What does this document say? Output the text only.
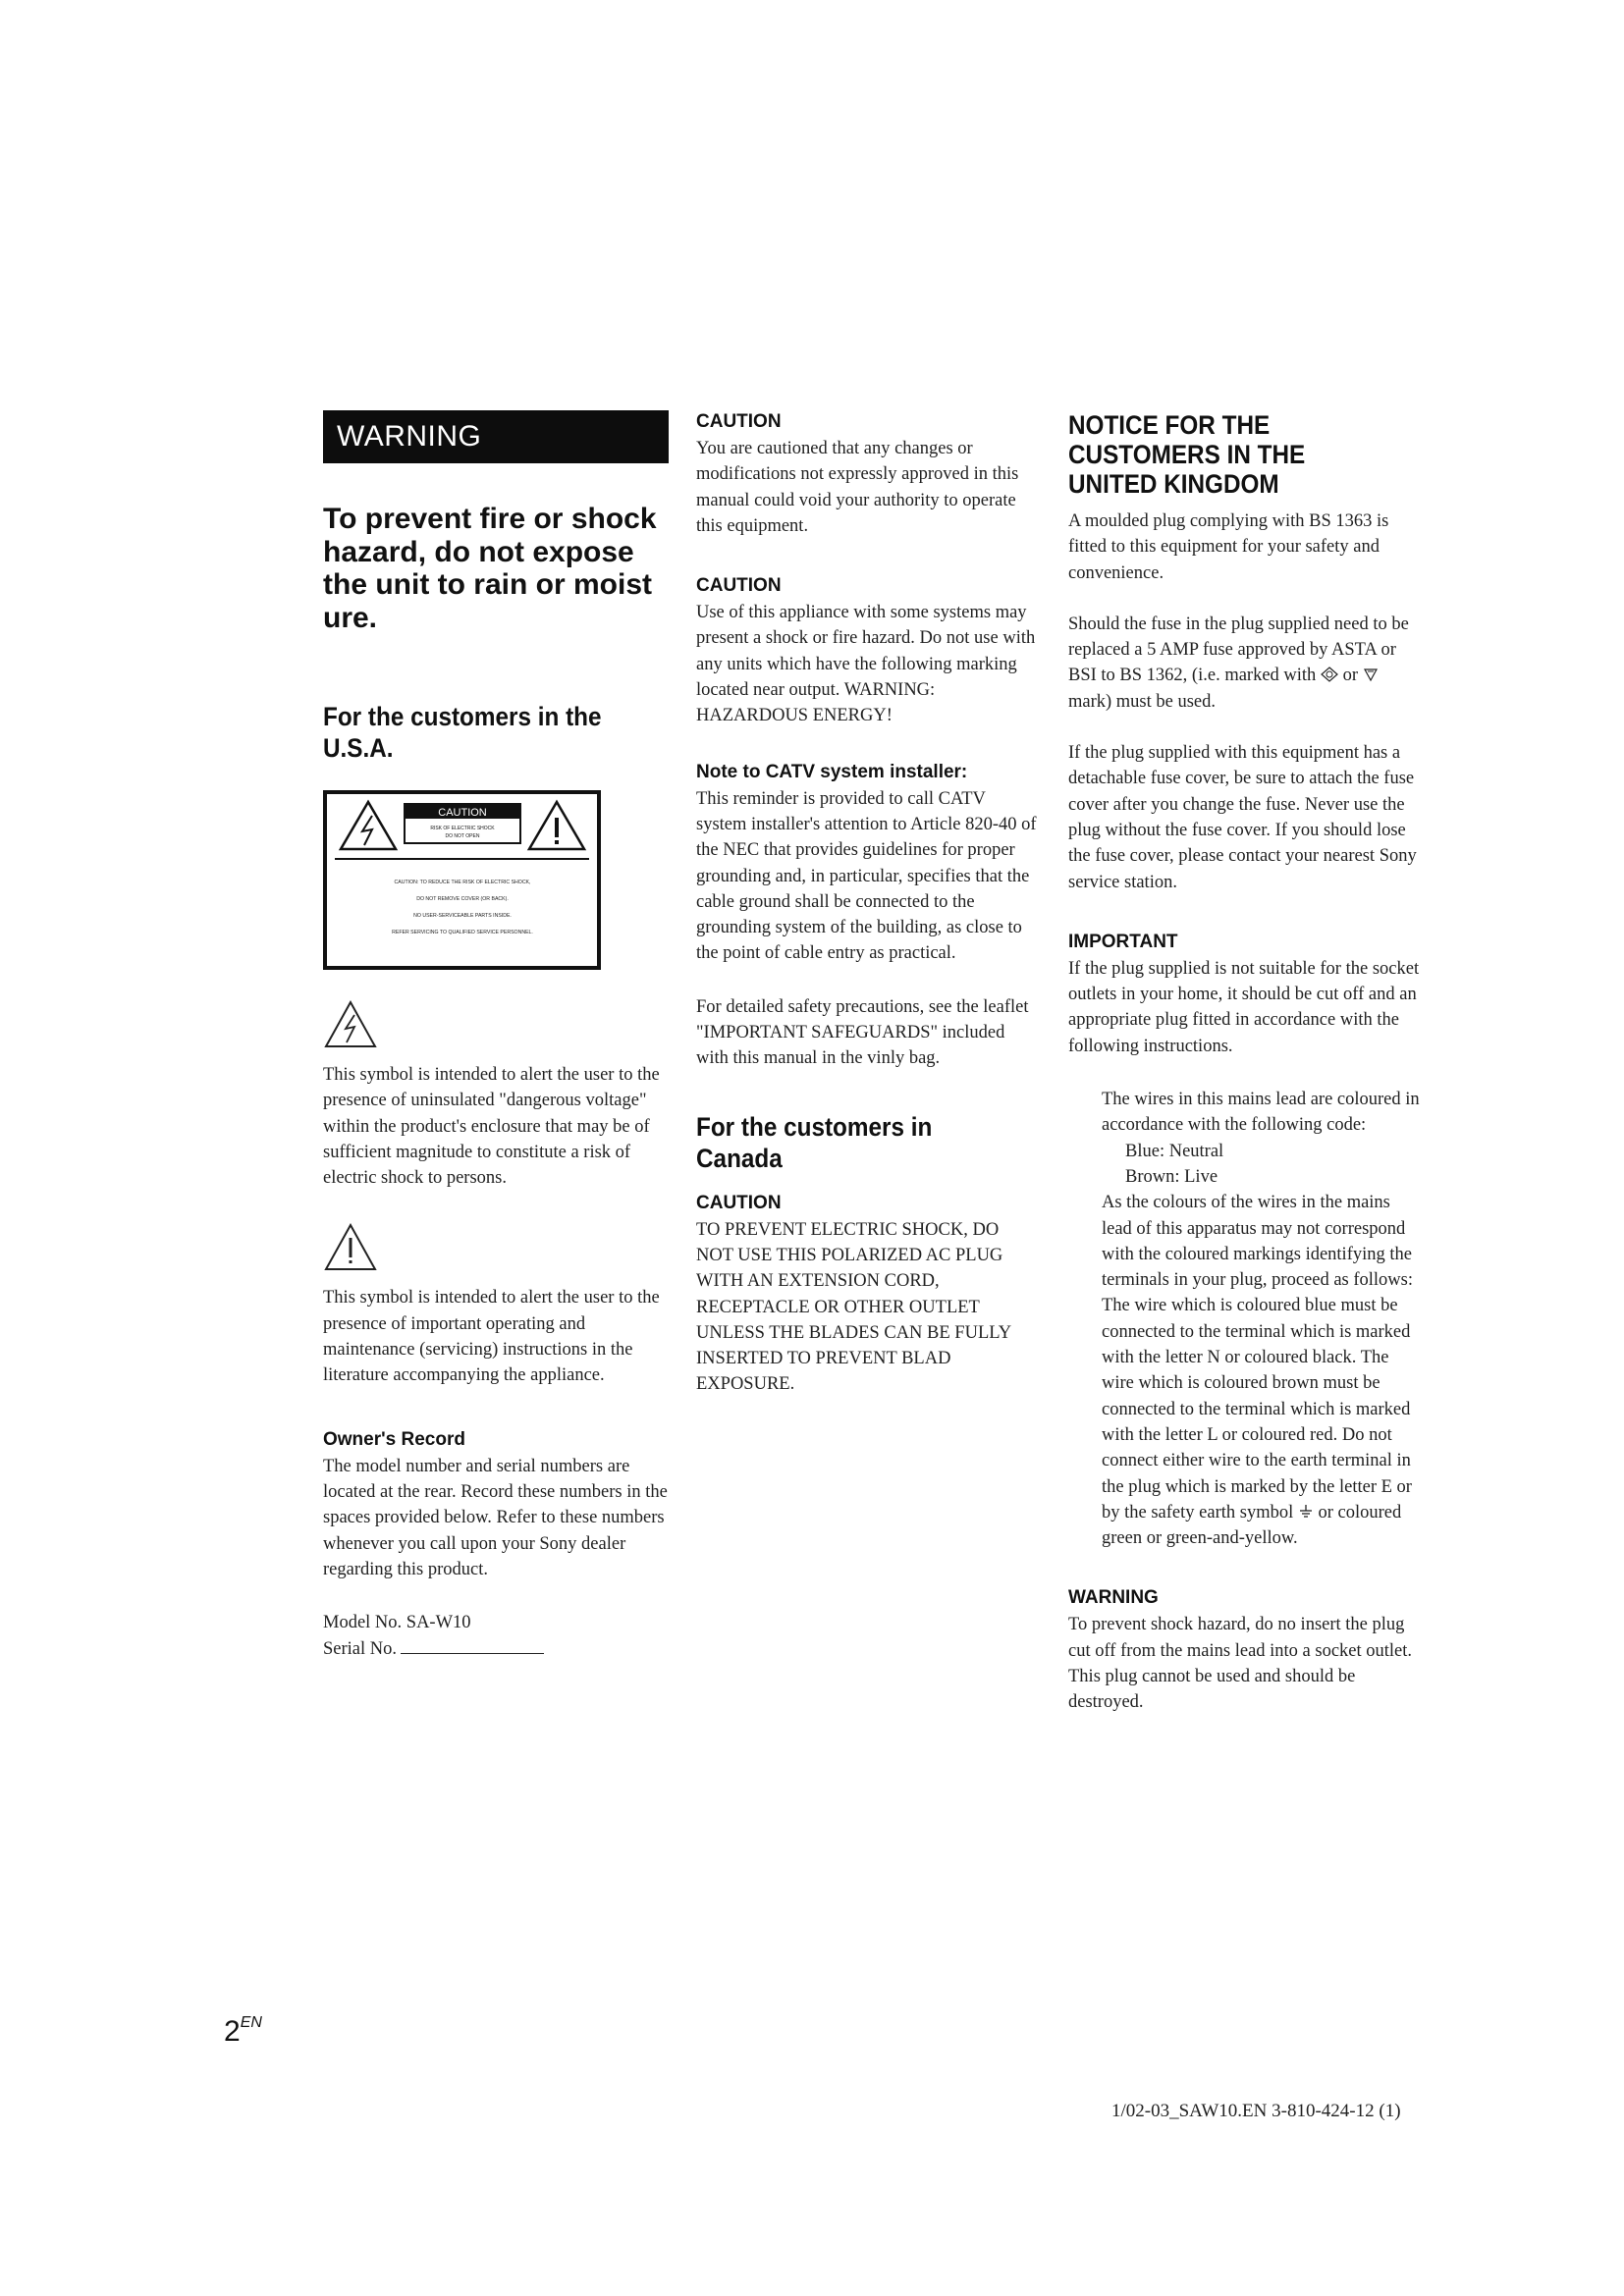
WARNING
To prevent fire or shock hazard, do not expose the unit to rain or moist ure.
For the customers in the U.S.A.
CAUTION
RISK OF ELECTRIC SHOCK
DO NOT OPEN
CAUTION: TO REDUCE THE RISK OF ELECTRIC SHOCK,
DO NOT REMOVE COVER (OR BACK).
NO USER-SERVICEABLE PARTS INSIDE.
REFER SERVICING TO QUALIFIED SERVICE PERSONNEL.

This symbol is intended to alert the user to the presence of uninsulated "dangerous voltage" within the product's enclosure that may be of sufficient magnitude to constitute a risk of electric shock to persons.

This symbol is intended to alert the user to the presence of important operating and maintenance (servicing) instructions in the literature accompanying the appliance.

Owner's Record

The model number and serial numbers are located at the rear. Record these numbers in the spaces provided below. Refer to these numbers whenever you call upon your Sony dealer regarding this product.

Model No. SA-W10

Serial No.

CAUTION

You are cautioned that any changes or modifications not expressly approved in this manual could void your authority to operate this equipment.

CAUTION

Use of this appliance with some systems may present a shock or fire hazard. Do not use with any units which have the following marking located near output. WARNING: HAZARDOUS ENERGY!

Note to CATV system installer:

This reminder is provided to call CATV system installer's attention to Article 820-40 of the NEC that provides guidelines for proper grounding and, in particular, specifies that the cable ground shall be connected to the grounding system of the building, as close to the point of cable entry as practical.

For detailed safety precautions, see the leaflet "IMPORTANT SAFEGUARDS" included with this manual in the vinly bag.

For the customers in Canada
CAUTION

TO PREVENT ELECTRIC SHOCK, DO NOT USE THIS POLARIZED AC PLUG WITH AN EXTENSION CORD, RECEPTACLE OR OTHER OUTLET UNLESS THE BLADES CAN BE FULLY INSERTED TO PREVENT BLAD EXPOSURE.

NOTICE FOR THE CUSTOMERS IN THE UNITED KINGDOM

A moulded plug complying with BS 1363 is fitted to this equipment for your safety and convenience.

Should the fuse in the plug supplied need to be replaced a 5 AMP fuse approved by ASTA or BSI to BS 1362, (i.e. marked with or  mark) must be used.

If the plug supplied with this equipment has a detachable fuse cover, be sure to attach the fuse cover after you change the fuse. Never use the plug without the fuse cover. If you should lose the fuse cover, please contact your nearest Sony service station.

IMPORTANT

If the plug supplied is not suitable for the socket outlets in your home, it should be cut off and an appropriate plug fitted in accordance with the following instructions.

The wires in this mains lead are coloured in accordance with the following code:

Blue: Neutral

Brown: Live

As the colours of the wires in the mains lead of this apparatus may not correspond with the coloured markings identifying the terminals in your plug, proceed as follows: The wire which is coloured blue must be connected to the terminal which is marked with the letter N or coloured black. The wire which is coloured brown must be connected to the terminal which is marked with the letter L or coloured red. Do not connect either wire to the earth terminal in the plug which is marked by the letter E or by the safety earth symbol or coloured green or green-and-yellow.

WARNING

To prevent shock hazard, do no insert the plug cut off from the mains lead into a socket outlet. This plug cannot be used and should be destroyed.

$2^{EN}$
1/02-03_SAW10.EN 3-810-424-12 (1)
